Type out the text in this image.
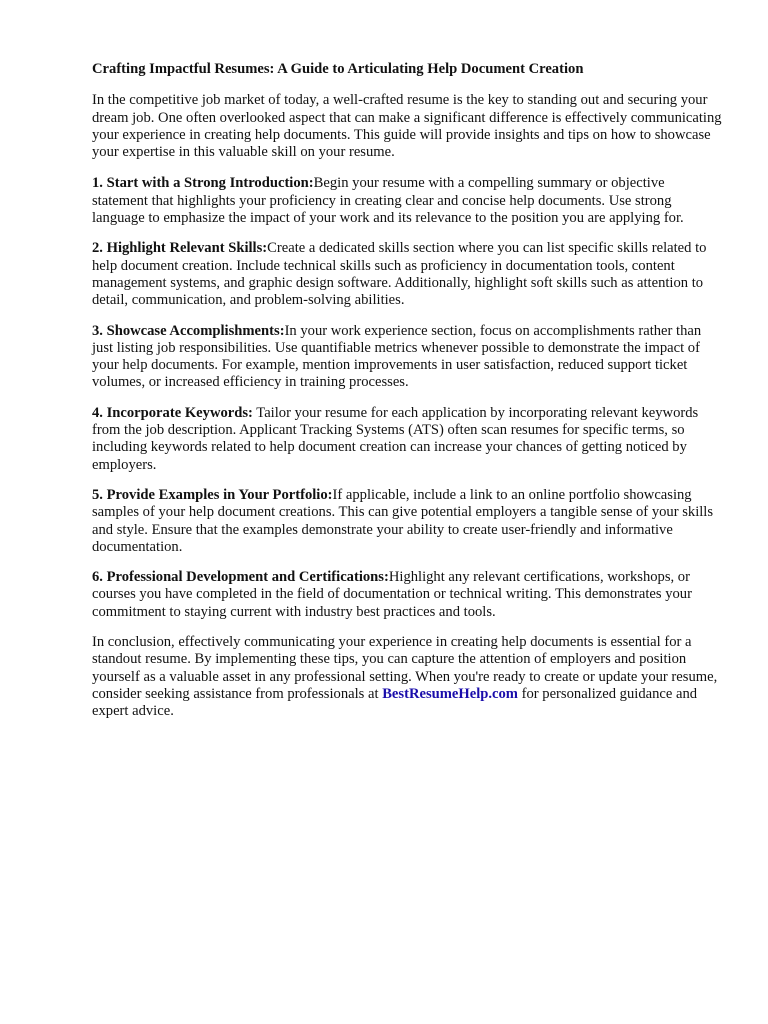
Crafting Impactful Resumes: A Guide to Articulating Help Document Creation

In the competitive job market of today, a well-crafted resume is the key to standing out and securing your dream job. One often overlooked aspect that can make a significant difference is effectively communicating your experience in creating help documents. This guide will provide insights and tips on how to showcase your expertise in this valuable skill on your resume.

1. Start with a Strong Introduction:Begin your resume with a compelling summary or objective statement that highlights your proficiency in creating clear and concise help documents. Use strong language to emphasize the impact of your work and its relevance to the position you are applying for.

2. Highlight Relevant Skills:Create a dedicated skills section where you can list specific skills related to help document creation. Include technical skills such as proficiency in documentation tools, content management systems, and graphic design software. Additionally, highlight soft skills such as attention to detail, communication, and problem-solving abilities.

3. Showcase Accomplishments:In your work experience section, focus on accomplishments rather than just listing job responsibilities. Use quantifiable metrics whenever possible to demonstrate the impact of your help documents. For example, mention improvements in user satisfaction, reduced support ticket volumes, or increased efficiency in training processes.

4. Incorporate Keywords: Tailor your resume for each application by incorporating relevant keywords from the job description. Applicant Tracking Systems (ATS) often scan resumes for specific terms, so including keywords related to help document creation can increase your chances of getting noticed by employers.

5. Provide Examples in Your Portfolio:If applicable, include a link to an online portfolio showcasing samples of your help document creations. This can give potential employers a tangible sense of your skills and style. Ensure that the examples demonstrate your ability to create user-friendly and informative documentation.

6. Professional Development and Certifications:Highlight any relevant certifications, workshops, or courses you have completed in the field of documentation or technical writing. This demonstrates your commitment to staying current with industry best practices and tools.

In conclusion, effectively communicating your experience in creating help documents is essential for a standout resume. By implementing these tips, you can capture the attention of employers and position yourself as a valuable asset in any professional setting. When you're ready to create or update your resume, consider seeking assistance from professionals at BestResumeHelp.com for personalized guidance and expert advice.
